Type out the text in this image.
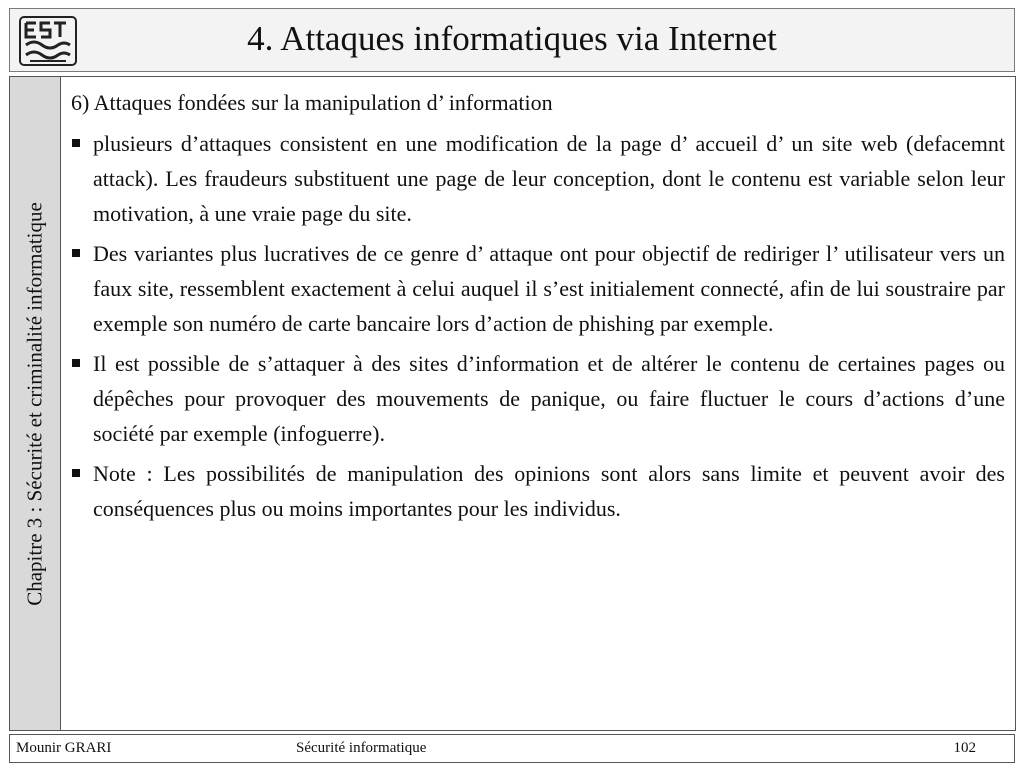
4. Attaques informatiques via Internet
Chapitre 3 : Sécurité et criminalité informatique
6) Attaques fondées sur la manipulation d’ information
plusieurs d’attaques consistent en une modification de la page d’ accueil d’ un site web (defacemnt attack). Les fraudeurs substituent une page de leur conception, dont le contenu est variable selon leur motivation, à une vraie page du site.
Des variantes plus lucratives de ce genre d’ attaque ont pour objectif de rediriger l’ utilisateur vers un faux site, ressemblent exactement à celui auquel il s’est initialement connecté, afin de lui soustraire par exemple son numéro de carte bancaire lors d’action de phishing par exemple.
Il est possible de s’attaquer à des sites d’information et de altérer le contenu de certaines pages ou dépêches pour provoquer des mouvements de panique, ou faire fluctuer le cours d’actions d’une société par exemple (infoguerre).
Note : Les possibilités de manipulation des opinions sont alors sans limite et peuvent avoir des conséquences plus ou moins importantes pour les individus.
Mounir GRARI	Sécurité informatique	102
